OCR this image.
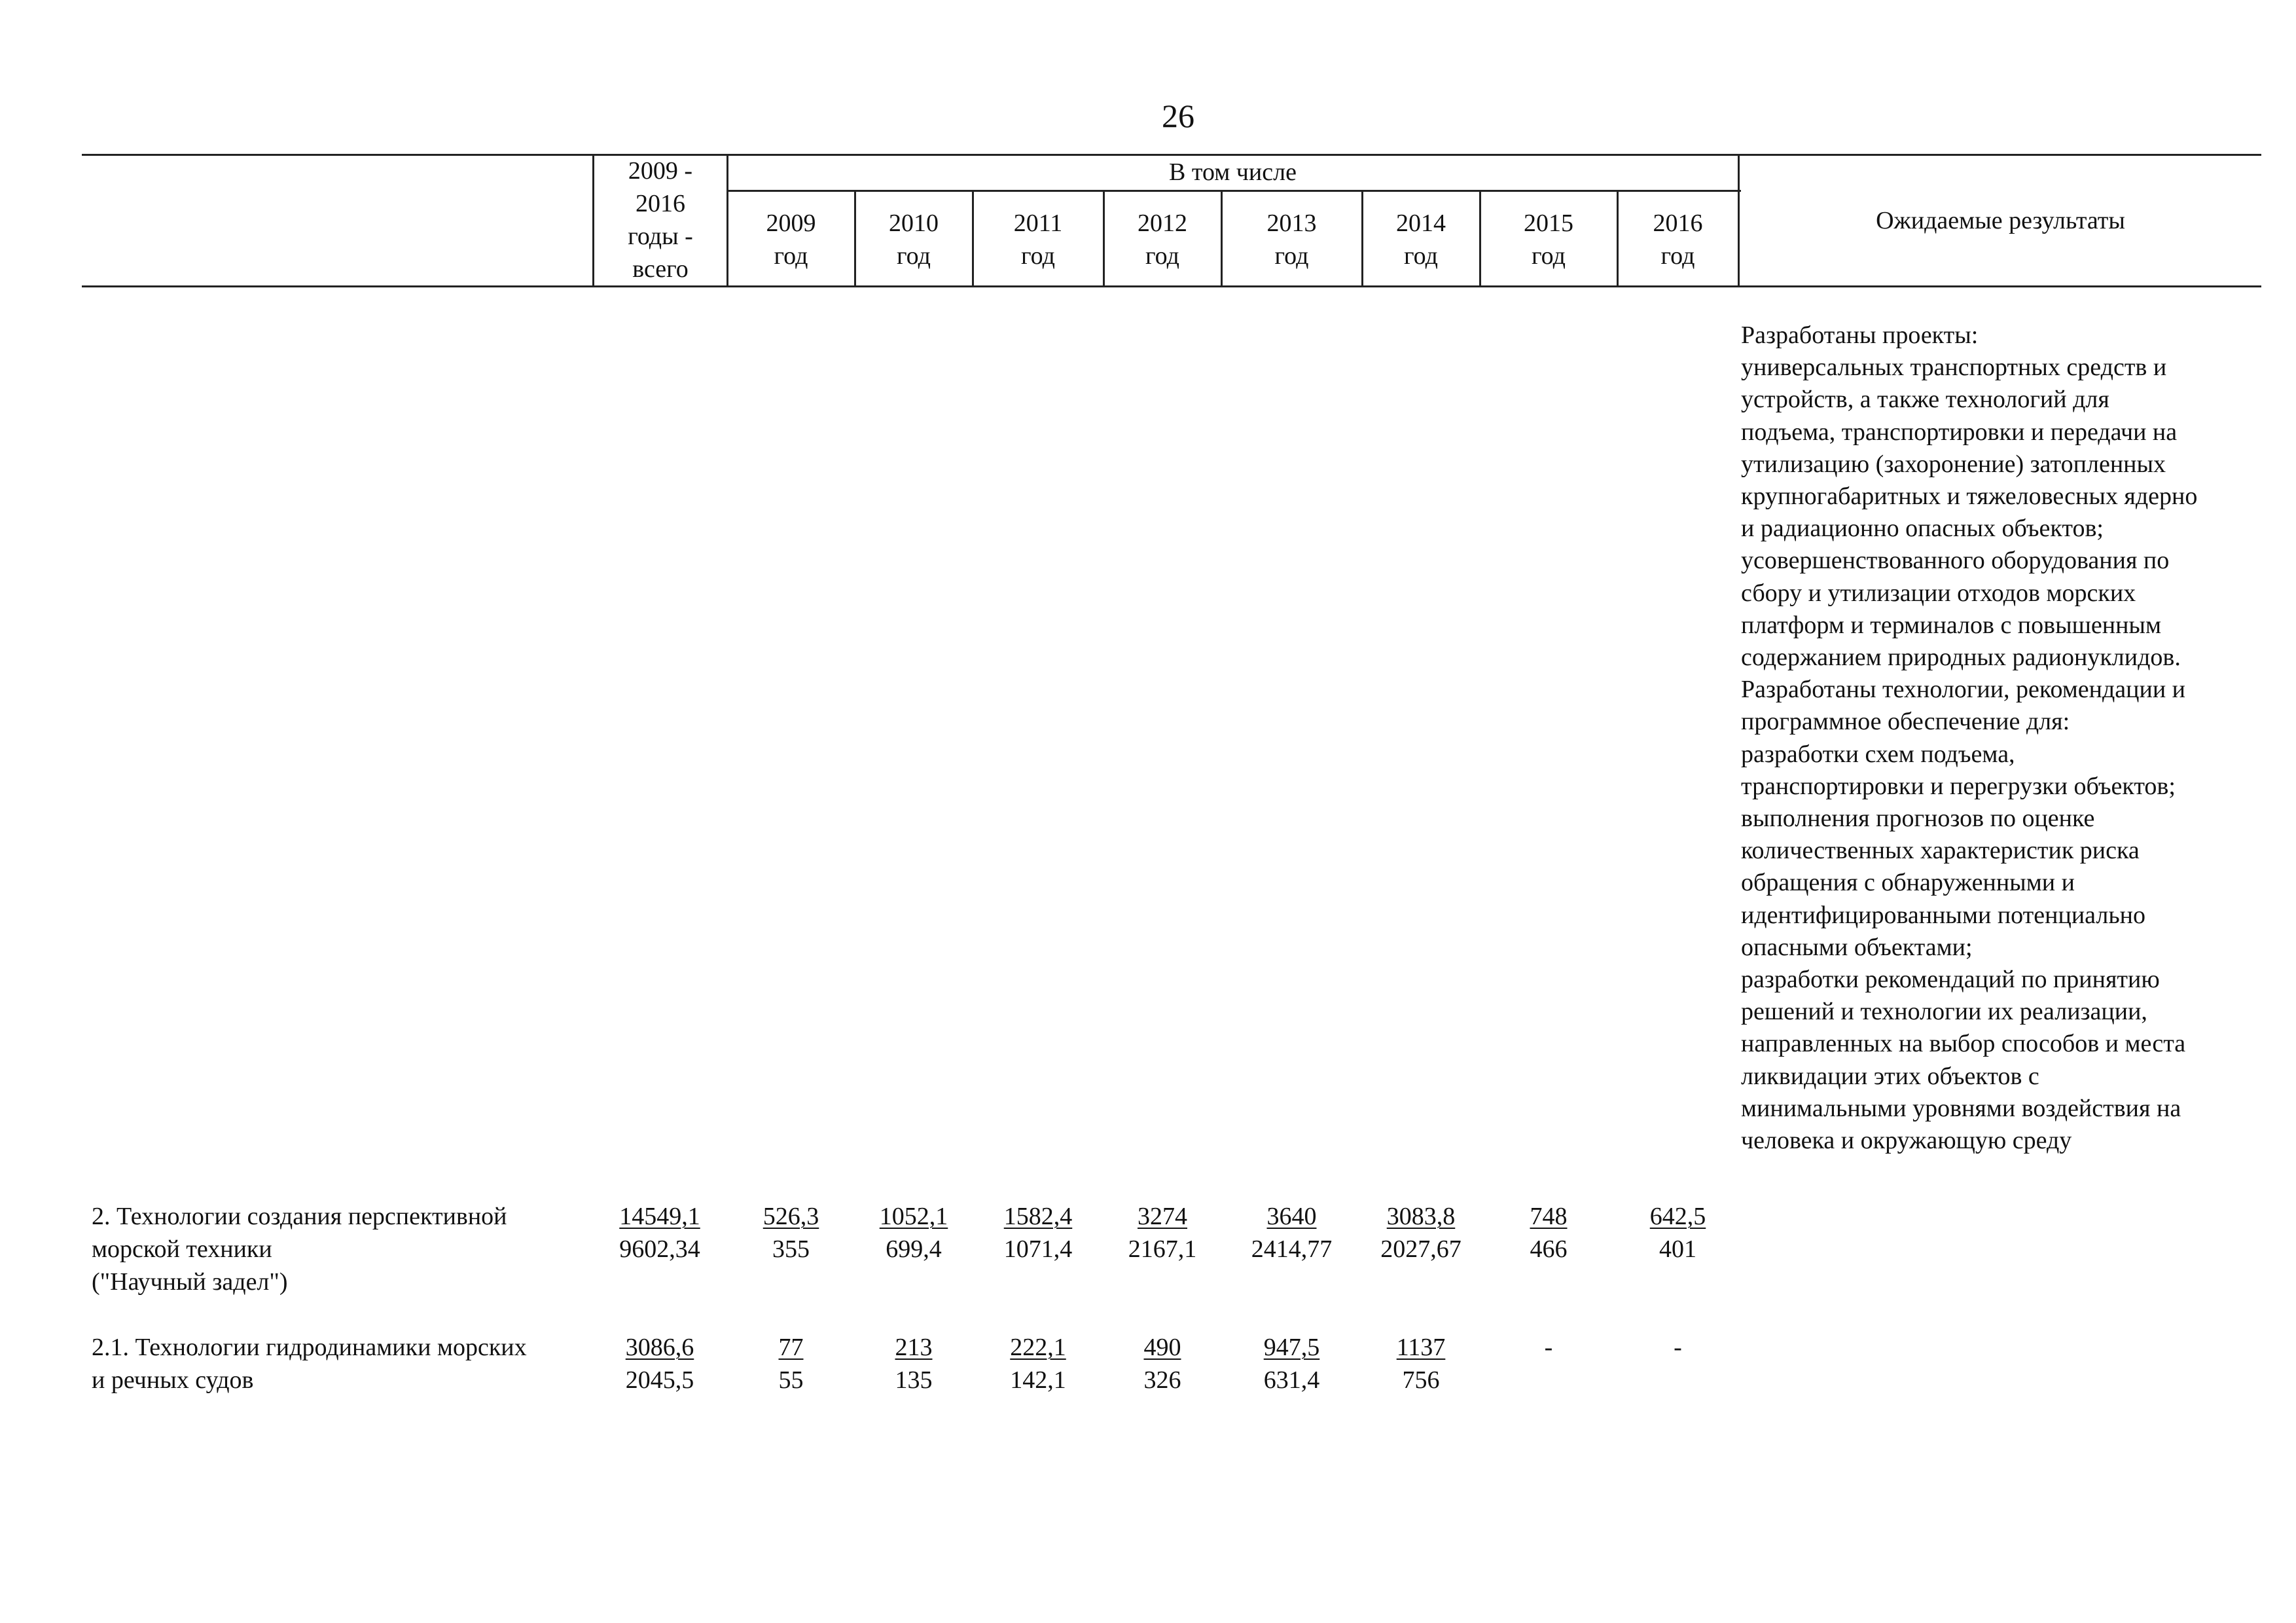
26
2009 -
2016
годы -
всего
В том числе
2009
год
2010
год
2011
год
2012
год
2013
год
2014
год
2015
год
2016
год
Ожидаемые результаты
Разработаны проекты:
универсальных транспортных средств и
устройств, а также технологий для
подъема, транспортировки и передачи на
утилизацию (захоронение) затопленных
крупногабаритных и тяжеловесных ядерно
и радиационно опасных объектов;
усовершенствованного оборудования по
сбору и утилизации отходов морских
платформ и терминалов с повышенным
содержанием природных радионуклидов.
Разработаны технологии, рекомендации и
программное обеспечение для:
разработки схем подъема,
транспортировки и перегрузки объектов;
выполнения прогнозов по оценке
количественных характеристик риска
обращения с обнаруженными и
идентифицированными потенциально
опасными объектами;
разработки рекомендаций по принятию
решений и технологии их реализации,
направленных на выбор способов и места
ликвидации этих объектов с
минимальными уровнями воздействия на
человека и окружающую среду
2. Технологии создания перспективной
морской техники
("Научный задел")
14549,1
9602,34
526,3
355
1052,1
699,4
1582,4
1071,4
3274
2167,1
3640
2414,77
3083,8
2027,67
748
466
642,5
401
2.1. Технологии гидродинамики морских
и речных судов
3086,6
2045,5
77
55
213
135
222,1
142,1
490
326
947,5
631,4
1137
756
-	-
